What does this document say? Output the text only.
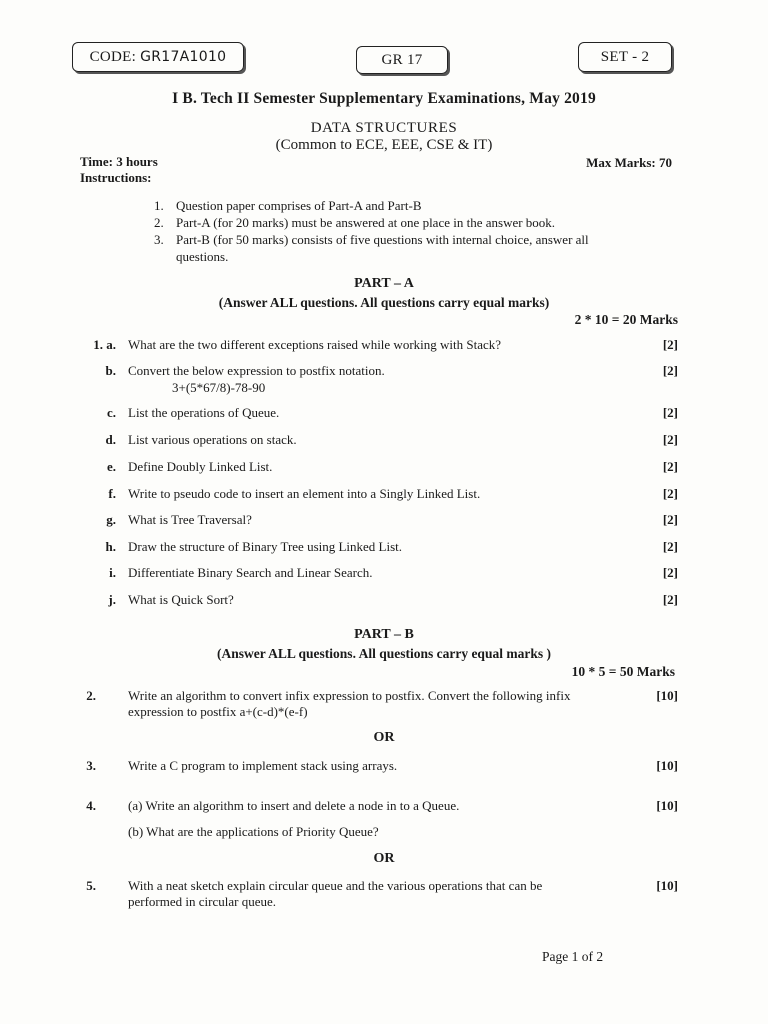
CODE: GR17A1010	GR 17	SET - 2
I B. Tech II Semester Supplementary Examinations, May 2019
DATA STRUCTURES
(Common to ECE, EEE, CSE & IT)
Time: 3 hours
Instructions:
Max Marks: 70
1. Question paper comprises of Part-A and Part-B
2. Part-A (for 20 marks) must be answered at one place in the answer book.
3. Part-B (for 50 marks) consists of five questions with internal choice, answer all
questions.
PART – A
(Answer ALL questions. All questions carry equal marks)
2 * 10 = 20 Marks
1. a. What are the two different exceptions raised while working with Stack?	[2]
b. Convert the below expression to postfix notation.
3+(5*67/8)-78-90
[2]
c. List the operations of Queue.	[2]
d. List various operations on stack.	[2]
e. Define Doubly Linked List.	[2]
f. Write to pseudo code to insert an element into a Singly Linked List.	[2]
g. What is Tree Traversal?	[2]
h. Draw the structure of Binary Tree using Linked List.	[2]
i. Differentiate Binary Search and Linear Search.	[2]
j. What is Quick Sort?	[2]
PART – B
(Answer ALL questions. All questions carry equal marks )
10 * 5 = 50 Marks
2. Write an algorithm to convert infix expression to postfix. Convert the following infix
expression to postfix a+(c-d)*(e-f)
[10]
OR
3. Write a C program to implement stack using arrays.	[10]
4. (a) Write an algorithm to insert and delete a node in to a Queue.
(b) What are the applications of Priority Queue?
[10]
OR
5. With a neat sketch explain circular queue and the various operations that can be
performed in circular queue.
[10]
Page 1 of 2
